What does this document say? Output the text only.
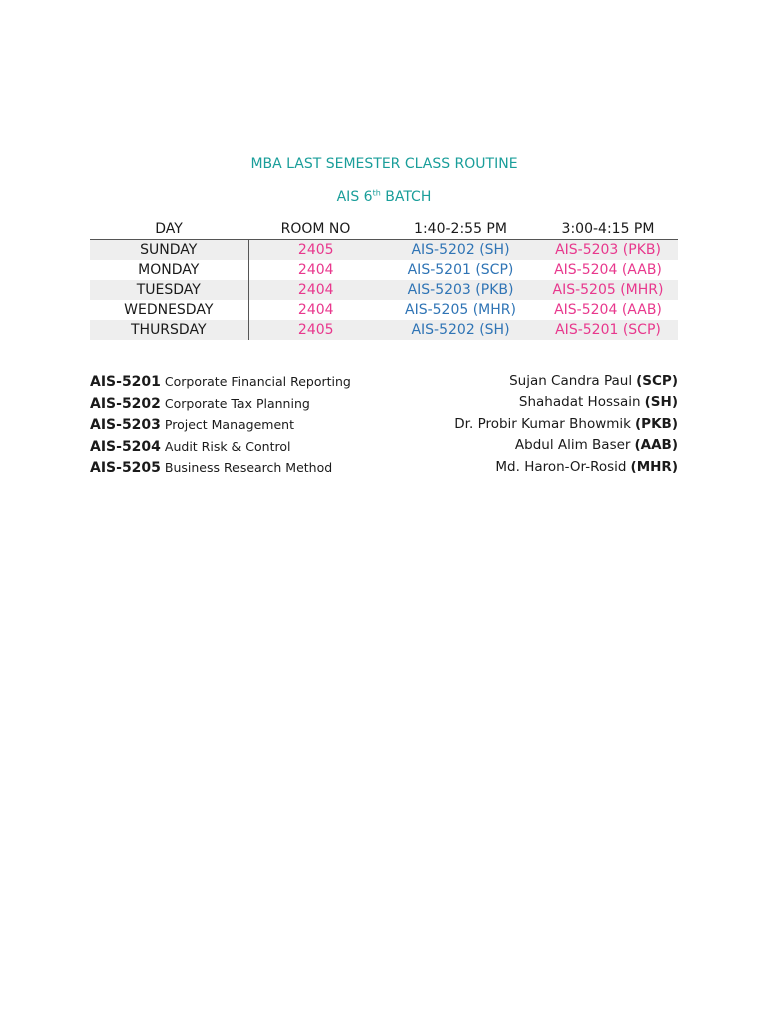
MBA LAST SEMESTER CLASS ROUTINE
AIS 6th BATCH
DAY	ROOM NO	1:40-2:55 PM	3:00-4:15 PM
SUNDAY	2405	AIS-5202 (SH)	AIS-5203 (PKB)
MONDAY	2404	AIS-5201 (SCP)	AIS-5204 (AAB)
TUESDAY	2404	AIS-5203 (PKB)	AIS-5205 (MHR)
WEDNESDAY	2404	AIS-5205 (MHR)	AIS-5204 (AAB)
THURSDAY	2405	AIS-5202 (SH)	AIS-5201 (SCP)
AIS-5201 Corporate Financial Reporting	Sujan Candra Paul (SCP)
AIS-5202 Corporate Tax Planning	Shahadat Hossain (SH)
AIS-5203 Project Management	Dr. Probir Kumar Bhowmik (PKB)
AIS-5204 Audit Risk & Control	Abdul Alim Baser (AAB)
AIS-5205 Business Research Method	Md. Haron-Or-Rosid (MHR)
